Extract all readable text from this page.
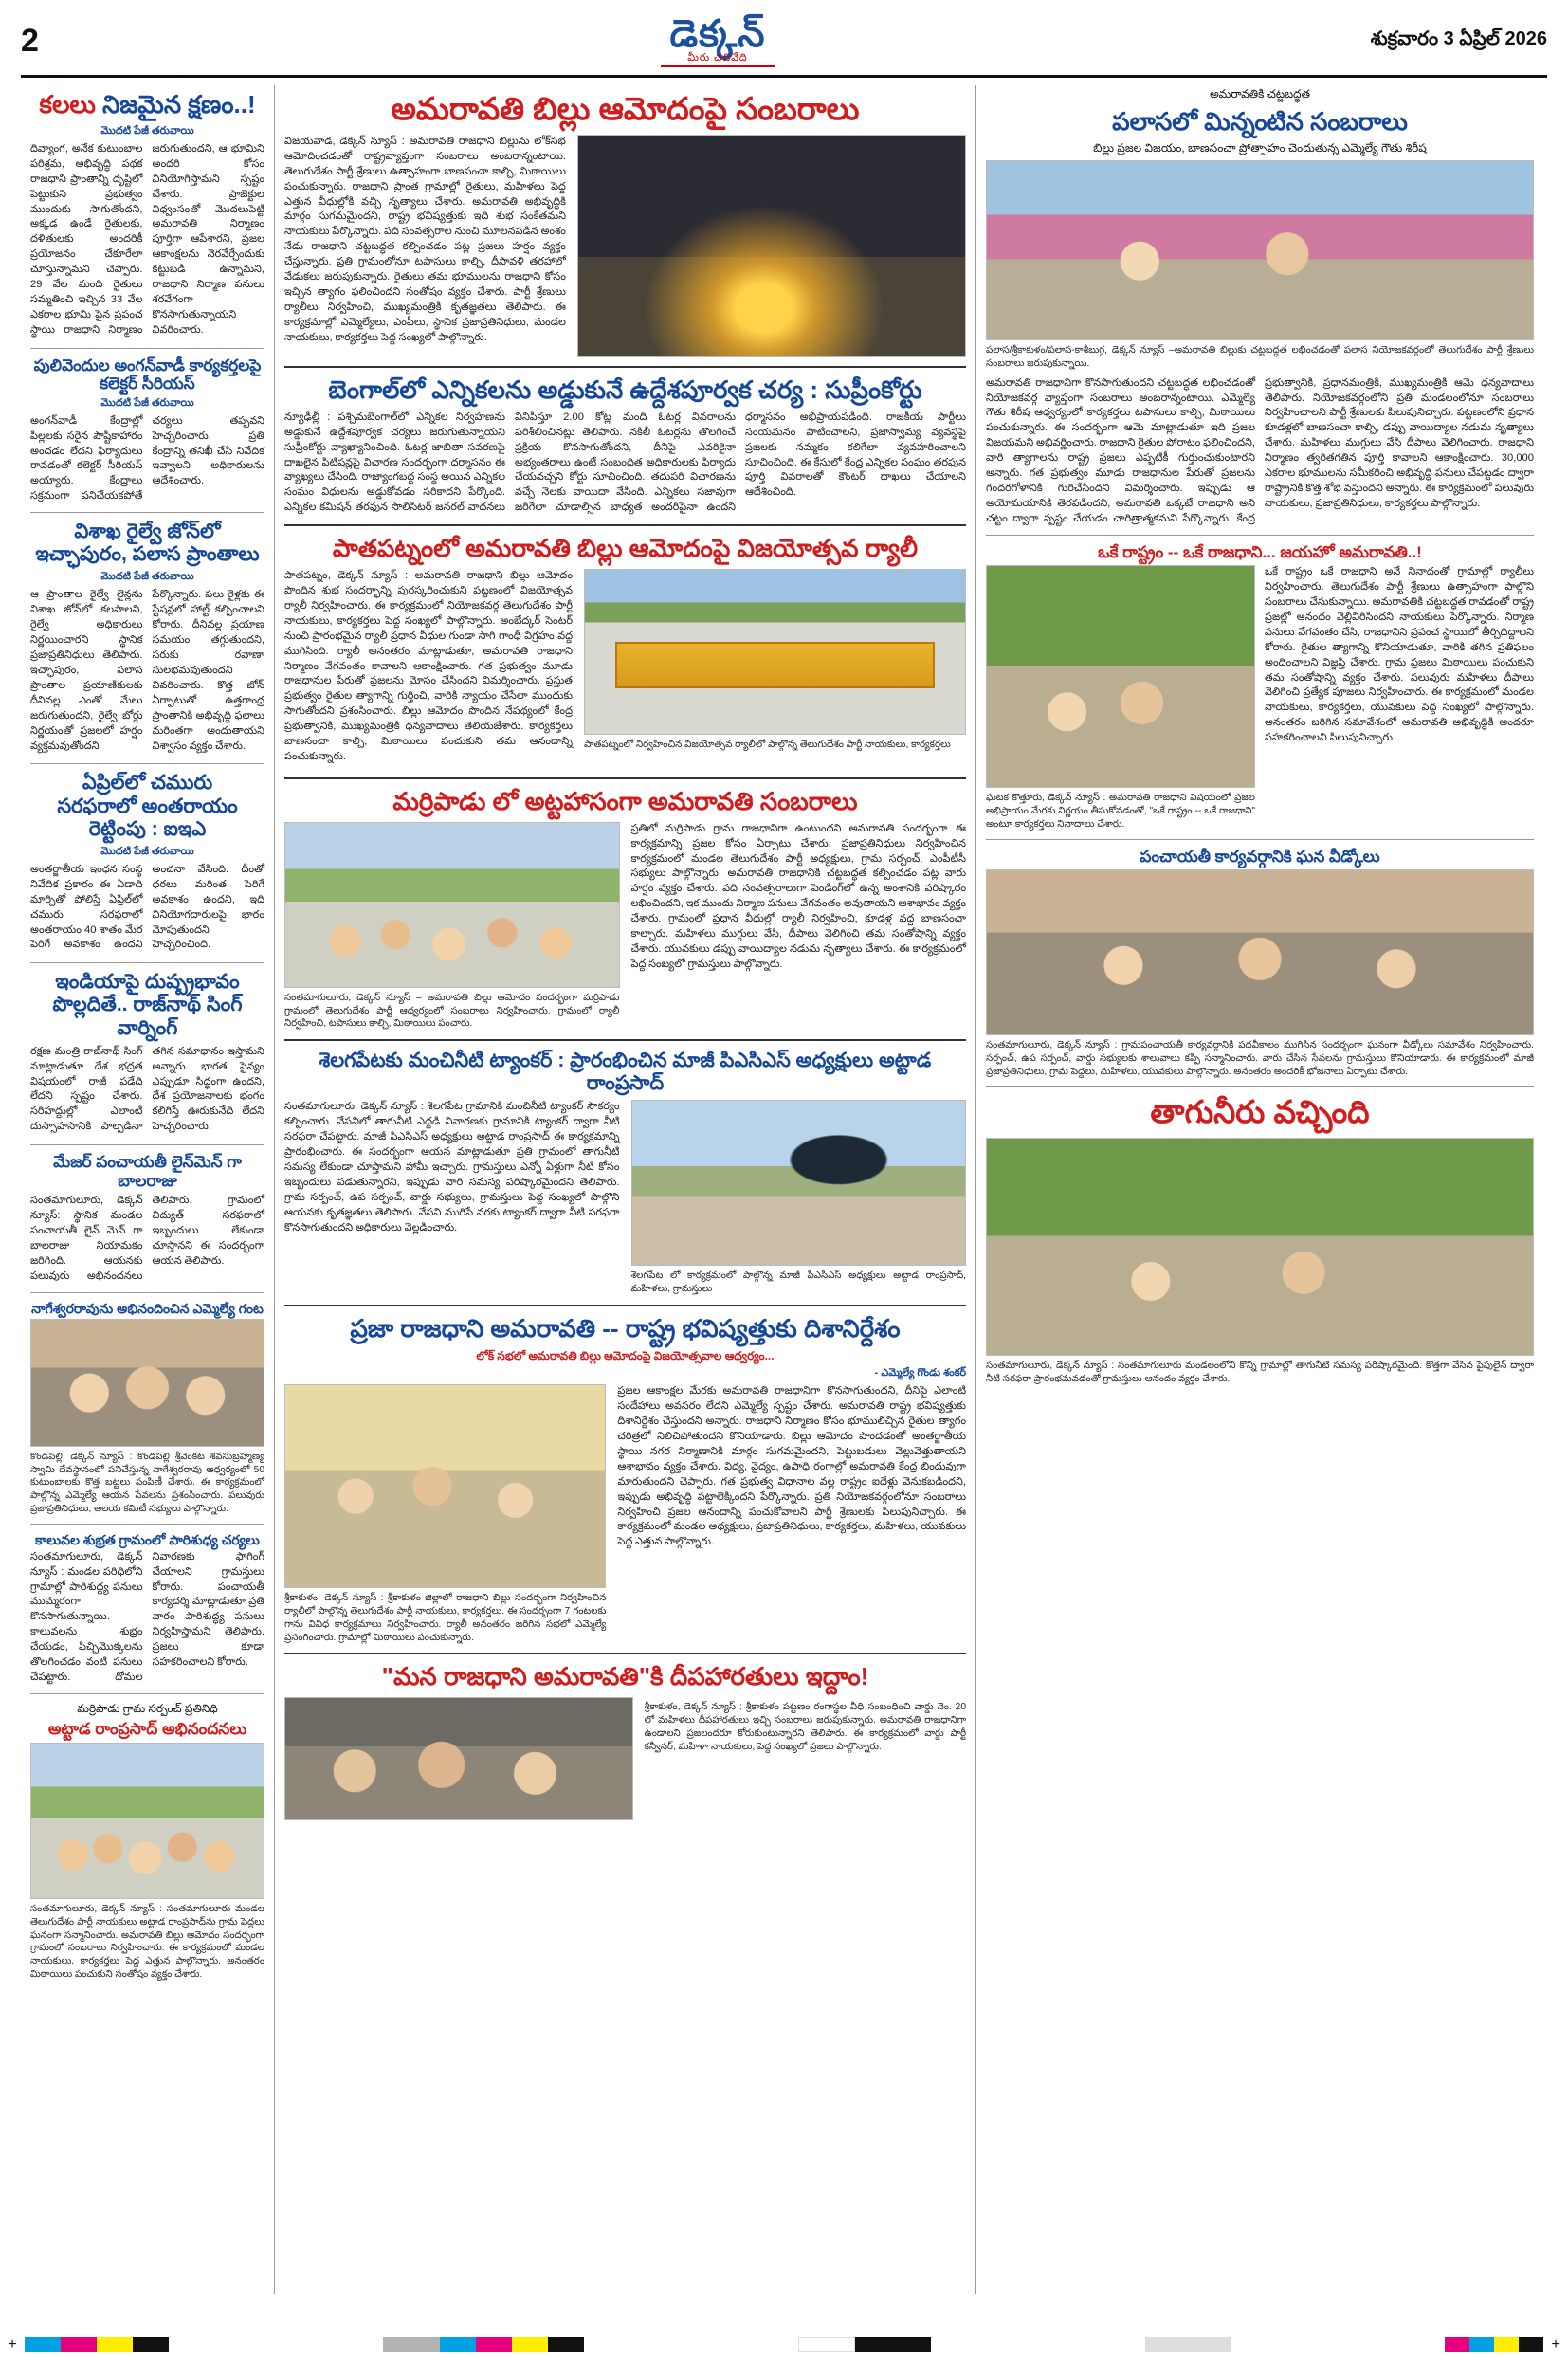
2	డెక్కన్
మీరు చదివేది
శుక్రవారం 3 ఏప్రిల్ 2026
కలలు నిజమైన క్షణం..!
మొదటి పేజీ తరువాయి

దివ్యాంగ, అనేక కుటుంబాల పరిశ్రమ, అభివృద్ధి పథక రాజధాని ప్రాంతాన్ని దృష్టిలో పెట్టుకుని ప్రభుత్వం ముందుకు సాగుతోందని, అక్కడ ఉండే రైతులకు, దళితులకు అందరికీ ప్రయోజనం చేకూరేలా చూస్తున్నామని చెప్పారు. 29 వేల మంది రైతులు సమ్మతించి ఇచ్చిన 33 వేల ఎకరాల భూమి పైన ప్రపంచ స్థాయి రాజధాని నిర్మాణం జరుగుతుందని, ఆ భూమిని అందరి కోసం వినియోగిస్తామని స్పష్టం చేశారు. ప్రాజెక్టుల విధ్వంసంతో మొదలుపెట్టి అమరావతి నిర్మాణం పూర్తిగా ఆపేశారని, ప్రజల ఆకాంక్షలను నెరవేర్చేందుకు కట్టుబడి ఉన్నామని, రాజధాని నిర్మాణ పనులు శరవేగంగా కొనసాగుతున్నాయని వివరించారు.

పులివెందుల అంగన్‌వాడీ కార్యకర్తలపై కలెక్టర్ సీరియస్
మొదటి పేజీ తరువాయి

అంగన్‌వాడీ కేంద్రాల్లో పిల్లలకు సరైన పౌష్టికాహారం అందడం లేదని ఫిర్యాదులు రావడంతో కలెక్టర్ సీరియస్ అయ్యారు. కేంద్రాలు సక్రమంగా పనిచేయకపోతే చర్యలు తప్పవని హెచ్చరించారు. ప్రతి కేంద్రాన్ని తనిఖీ చేసి నివేదిక ఇవ్వాలని అధికారులను ఆదేశించారు.

విశాఖ రైల్వే జోన్‌లో
ఇచ్ఛాపురం, పలాస ప్రాంతాలు
మొదటి పేజీ తరువాయి

ఆ ప్రాంతాల రైల్వే లైన్లను విశాఖ జోన్‌లో కలపాలని, రైల్వే అధికారులు నిర్ణయించారని స్థానిక ప్రజాప్రతినిధులు తెలిపారు. ఇచ్ఛాపురం, పలాస ప్రాంతాల ప్రయాణికులకు దీనివల్ల ఎంతో మేలు జరుగుతుందని, రైల్వే బోర్డు నిర్ణయంతో ప్రజలలో హర్షం వ్యక్తమవుతోందని పేర్కొన్నారు. పలు రైళ్లకు ఈ స్టేషన్లలో హాల్ట్ కల్పించాలని కోరారు. దీనివల్ల ప్రయాణ సమయం తగ్గుతుందని, సరుకు రవాణా సులభమవుతుందని వివరించారు. కొత్త జోన్ ఏర్పాటుతో ఉత్తరాంధ్ర ప్రాంతానికి అభివృద్ధి ఫలాలు మరింతగా అందుతాయని విశ్వాసం వ్యక్తం చేశారు.

ఏప్రిల్‌లో చమురు
సరఫరాలో అంతరాయం రెట్టింపు : ఐఇఎ
మొదటి పేజీ తరువాయి

అంతర్జాతీయ ఇంధన సంస్థ నివేదిక ప్రకారం ఈ ఏడాది మార్చితో పోలిస్తే ఏప్రిల్‌లో చమురు సరఫరాలో అంతరాయం 40 శాతం మేర పెరిగే అవకాశం ఉందని అంచనా వేసింది. దీంతో ధరలు మరింత పెరిగే అవకాశం ఉందని, ఇది వినియోగదారులపై భారం మోపుతుందని హెచ్చరించింది.

ఇండియాపై దుష్ప్రభావం
పొల్లదితే.. రాజ్‌నాథ్ సింగ్ వార్నింగ్

రక్షణ మంత్రి రాజ్‌నాథ్ సింగ్ మాట్లాడుతూ దేశ భద్రత విషయంలో రాజీ పడేది లేదని స్పష్టం చేశారు. సరిహద్దుల్లో ఎలాంటి దుస్సాహసానికి పాల్పడినా తగిన సమాధానం ఇస్తామని అన్నారు. భారత సైన్యం ఎప్పుడూ సిద్ధంగా ఉందని, దేశ ప్రయోజనాలకు భంగం కలిగిస్తే ఊరుకునేది లేదని హెచ్చరించారు.

మేజర్ పంచాయతీ లైన్‌మెన్ గా బాలరాజు

సంతమాగులూరు, డెక్కన్ న్యూస్: స్థానిక మండల పంచాయతీ లైన్ మెన్ గా బాలరాజు నియామకం జరిగింది. ఆయనకు పలువురు అభినందనలు తెలిపారు. గ్రామంలో విద్యుత్ సరఫరాలో ఇబ్బందులు లేకుండా చూస్తానని ఈ సందర్భంగా ఆయన తెలిపారు.

నాగేశ్వరరావును అభినందించిన ఎమ్మెల్యే గంట
కొండపల్లి, డెక్కన్ న్యూస్ : కొండపల్లి శ్రీవెంకట శివసుబ్రహ్మణ్య స్వామి దేవస్థానంలో పనిచేస్తున్న నాగేశ్వరరావు ఆధ్వర్యంలో 50 కుటుంబాలకు కొత్త బట్టలు పంపిణీ చేశారు. ఈ కార్యక్రమంలో పాల్గొన్న ఎమ్మెల్యే ఆయన సేవలను ప్రశంసించారు. పలువురు ప్రజాప్రతినిధులు, ఆలయ కమిటీ సభ్యులు పాల్గొన్నారు.
కాలువల శుభ్రత గ్రామంలో పారిశుధ్య చర్యలు

సంతమాగులూరు, డెక్కన్ న్యూస్ : మండల పరిధిలోని గ్రామాల్లో పారిశుద్ధ్య పనులు ముమ్మరంగా కొనసాగుతున్నాయి. కాలువలను శుభ్రం చేయడం, పిచ్చిమొక్కలను తొలగించడం వంటి పనులు చేపట్టారు. దోమల నివారణకు ఫాగింగ్ చేయాలని గ్రామస్తులు కోరారు. పంచాయతీ కార్యదర్శి మాట్లాడుతూ ప్రతి వారం పారిశుద్ధ్య పనులు నిర్వహిస్తామని తెలిపారు. ప్రజలు కూడా సహకరించాలని కోరారు.

మర్రిపాడు గ్రామ సర్పంచ్ ప్రతినిధి
అట్టాడ రాంప్రసాద్ అభినందనలు
సంతమాగులూరు, డెక్కన్ న్యూస్ : సంతమాగులూరు మండల తెలుగుదేశం పార్టీ నాయకులు అట్టాడ రాంప్రసాద్‌ను గ్రామ పెద్దలు ఘనంగా సన్మానించారు. అమరావతి బిల్లు ఆమోదం సందర్భంగా గ్రామంలో సంబరాలు నిర్వహించారు. ఈ కార్యక్రమంలో మండల నాయకులు, కార్యకర్తలు పెద్ద ఎత్తున పాల్గొన్నారు. అనంతరం మిఠాయిలు పంచుకుని సంతోషం వ్యక్తం చేశారు.
అమరావతి బిల్లు ఆమోదంపై సంబరాలు

విజయవాడ, డెక్కన్ న్యూస్ : అమరావతి రాజధాని బిల్లును లోక్‌సభ ఆమోదించడంతో రాష్ట్రవ్యాప్తంగా సంబరాలు అంబరాన్నంటాయి. తెలుగుదేశం పార్టీ శ్రేణులు ఉత్సాహంగా బాణసంచా కాల్చి, మిఠాయిలు పంచుకున్నారు. రాజధాని ప్రాంత గ్రామాల్లో రైతులు, మహిళలు పెద్ద ఎత్తున వీధుల్లోకి వచ్చి నృత్యాలు చేశారు. అమరావతి అభివృద్ధికి మార్గం సుగమమైందని, రాష్ట్ర భవిష్యత్తుకు ఇది శుభ సంకేతమని నాయకులు పేర్కొన్నారు. పది సంవత్సరాల నుంచి మూలనపడిన అంశం నేడు రాజధాని చట్టబద్ధత కల్పించడం పట్ల ప్రజలు హర్షం వ్యక్తం చేస్తున్నారు. ప్రతి గ్రామంలోనూ టపాసులు కాల్చి, దీపావళి తరహాలో వేడుకలు జరుపుకున్నారు. రైతులు తమ భూములను రాజధాని కోసం ఇచ్చిన త్యాగం ఫలించిందని సంతోషం వ్యక్తం చేశారు. పార్టీ శ్రేణులు ర్యాలీలు నిర్వహించి, ముఖ్యమంత్రికి కృతజ్ఞతలు తెలిపారు. ఈ కార్యక్రమాల్లో ఎమ్మెల్యేలు, ఎంపీలు, స్థానిక ప్రజాప్రతినిధులు, మండల నాయకులు, కార్యకర్తలు పెద్ద సంఖ్యలో పాల్గొన్నారు.

బెంగాల్‌లో ఎన్నికలను అడ్డుకునే ఉద్దేశపూర్వక చర్య : సుప్రీంకోర్టు

న్యూఢిల్లీ : పశ్చిమబెంగాల్‌లో ఎన్నికల నిర్వహణను అడ్డుకునే ఉద్దేశపూర్వక చర్యలు జరుగుతున్నాయని సుప్రీంకోర్టు వ్యాఖ్యానించింది. ఓటర్ల జాబితా సవరణపై దాఖలైన పిటిషన్లపై విచారణ సందర్భంగా ధర్మాసనం ఈ వ్యాఖ్యలు చేసింది. రాజ్యాంగబద్ధ సంస్థ అయిన ఎన్నికల సంఘం విధులను అడ్డుకోవడం సరికాదని పేర్కొంది. ఎన్నికల కమిషన్ తరఫున సొలిసిటర్ జనరల్ వాదనలు వినిపిస్తూ 2.00 కోట్ల మంది ఓటర్ల వివరాలను పరిశీలించినట్లు తెలిపారు. నకిలీ ఓటర్లను తొలగించే ప్రక్రియ కొనసాగుతోందని, దీనిపై ఎవరికైనా అభ్యంతరాలు ఉంటే సంబంధిత అధికారులకు ఫిర్యాదు చేయవచ్చని కోర్టు సూచించింది. తదుపరి విచారణను వచ్చే నెలకు వాయిదా వేసింది. ఎన్నికలు సజావుగా జరిగేలా చూడాల్సిన బాధ్యత అందరిపైనా ఉందని ధర్మాసనం అభిప్రాయపడింది. రాజకీయ పార్టీలు సంయమనం పాటించాలని, ప్రజాస్వామ్య వ్యవస్థపై ప్రజలకు నమ్మకం కలిగేలా వ్యవహరించాలని సూచించింది. ఈ కేసులో కేంద్ర ఎన్నికల సంఘం తరఫున పూర్తి వివరాలతో కౌంటర్ దాఖలు చేయాలని ఆదేశించింది.

పాతపట్నంలో అమరావతి బిల్లు ఆమోదంపై విజయోత్సవ ర్యాలీ

పాతపట్నం, డెక్కన్ న్యూస్ : అమరావతి రాజధాని బిల్లు ఆమోదం పొందిన శుభ సందర్భాన్ని పురస్కరించుకుని పట్టణంలో విజయోత్సవ ర్యాలీ నిర్వహించారు. ఈ కార్యక్రమంలో నియోజకవర్గ తెలుగుదేశం పార్టీ నాయకులు, కార్యకర్తలు పెద్ద సంఖ్యలో పాల్గొన్నారు. అంబేద్కర్ సెంటర్ నుంచి ప్రారంభమైన ర్యాలీ ప్రధాన వీధుల గుండా సాగి గాంధీ విగ్రహం వద్ద ముగిసింది. ర్యాలీ అనంతరం మాట్లాడుతూ, అమరావతి రాజధాని నిర్మాణం వేగవంతం కావాలని ఆకాంక్షించారు. గత ప్రభుత్వం మూడు రాజధానుల పేరుతో ప్రజలను మోసం చేసిందని విమర్శించారు. ప్రస్తుత ప్రభుత్వం రైతుల త్యాగాన్ని గుర్తించి, వారికి న్యాయం చేసేలా ముందుకు సాగుతోందని ప్రశంసించారు. బిల్లు ఆమోదం పొందిన నేపథ్యంలో కేంద్ర ప్రభుత్వానికి, ముఖ్యమంత్రికి ధన్యవాదాలు తెలియజేశారు. కార్యకర్తలు బాణసంచా కాల్చి, మిఠాయిలు పంచుకుని తమ ఆనందాన్ని పంచుకున్నారు.

పాతపట్నంలో నిర్వహించిన విజయోత్సవ ర్యాలీలో పాల్గొన్న తెలుగుదేశం పార్టీ నాయకులు, కార్యకర్తలు
మర్రిపాడు లో అట్టహాసంగా అమరావతి సంబరాలు
సంతమాగులూరు, డెక్కన్ న్యూస్ – అమరావతి బిల్లు ఆమోదం సందర్భంగా మర్రిపాడు గ్రామంలో తెలుగుదేశం పార్టీ ఆధ్వర్యంలో సంబరాలు నిర్వహించారు. గ్రామంలో ర్యాలీ నిర్వహించి, టపాసులు కాల్చి, మిఠాయిలు పంచారు.

ప్రతిలో మర్రిపాడు గ్రామ రాజధానిగా ఉంటుందని అమరావతి సందర్భంగా ఈ కార్యక్రమాన్ని ప్రజల కోసం ఏర్పాటు చేశారు. ప్రజాప్రతినిధులు నిర్వహించిన కార్యక్రమంలో మండల తెలుగుదేశం పార్టీ అధ్యక్షులు, గ్రామ సర్పంచ్, ఎంపీటీసీ సభ్యులు పాల్గొన్నారు. అమరావతి రాజధానికి చట్టబద్ధత కల్పించడం పట్ల వారు హర్షం వ్యక్తం చేశారు. పది సంవత్సరాలుగా పెండింగ్‌లో ఉన్న అంశానికి పరిష్కారం లభించిందని, ఇక ముందు నిర్మాణ పనులు వేగవంతం అవుతాయని ఆశాభావం వ్యక్తం చేశారు. గ్రామంలో ప్రధాన వీధుల్లో ర్యాలీ నిర్వహించి, కూడళ్ల వద్ద బాణసంచా కాల్చారు. మహిళలు ముగ్గులు వేసి, దీపాలు వెలిగించి తమ సంతోషాన్ని వ్యక్తం చేశారు. యువకులు డప్పు వాయిద్యాల నడుమ నృత్యాలు చేశారు. ఈ కార్యక్రమంలో పెద్ద సంఖ్యలో గ్రామస్తులు పాల్గొన్నారు.

శెలగపేటకు మంచినీటి ట్యాంకర్ : ప్రారంభించిన మాజీ పిఎసిఎస్ అధ్యక్షులు అట్టాడ రాంప్రసాద్

సంతమాగులూరు, డెక్కన్ న్యూస్ : శెలగపేట గ్రామానికి మంచినీటి ట్యాంకర్ సౌకర్యం కల్పించారు. వేసవిలో తాగునీటి ఎద్దడి నివారణకు గ్రామానికి ట్యాంకర్ ద్వారా నీటి సరఫరా చేపట్టారు. మాజీ పిఎసిఎస్ అధ్యక్షులు అట్టాడ రాంప్రసాద్ ఈ కార్యక్రమాన్ని ప్రారంభించారు. ఈ సందర్భంగా ఆయన మాట్లాడుతూ ప్రతి గ్రామంలో తాగునీటి సమస్య లేకుండా చూస్తామని హామీ ఇచ్చారు. గ్రామస్తులు ఎన్నో ఏళ్లుగా నీటి కోసం ఇబ్బందులు పడుతున్నారని, ఇప్పుడు వారి సమస్య పరిష్కారమైందని తెలిపారు. గ్రామ సర్పంచ్, ఉప సర్పంచ్, వార్డు సభ్యులు, గ్రామస్తులు పెద్ద సంఖ్యలో పాల్గొని ఆయనకు కృతజ్ఞతలు తెలిపారు. వేసవి ముగిసే వరకు ట్యాంకర్ ద్వారా నీటి సరఫరా కొనసాగుతుందని అధికారులు వెల్లడించారు.

శెలగపేట లో కార్యక్రమంలో పాల్గొన్న మాజీ పిఎసిఎస్ అధ్యక్షులు అట్టాడ రాంప్రసాద్, మహిళలు, గ్రామస్తులు
ప్రజా రాజధాని అమరావతి -- రాష్ట్ర భవిష్యత్తుకు దిశానిర్దేశం
లోక్ సభలో అమరావతి బిల్లు ఆమోదంపై విజయోత్సవాల ఆధ్వర్యం...
- ఎమ్మెల్యే గొండు శంకర్
శ్రీకాకుళం, డెక్కన్ న్యూస్ : శ్రీకాకుళం జిల్లాలో రాజధాని బిల్లు సందర్భంగా నిర్వహించిన ర్యాలీలో పాల్గొన్న తెలుగుదేశం పార్టీ నాయకులు, కార్యకర్తలు. ఈ సందర్భంగా 7 గంటలకు గాను వివిధ కార్యక్రమాలు నిర్వహించారు. ర్యాలీ అనంతరం జరిగిన సభలో ఎమ్మెల్యే ప్రసంగించారు. గ్రామాల్లో మిఠాయిలు పంచుకున్నారు.

ప్రజల ఆకాంక్షల మేరకు అమరావతి రాజధానిగా కొనసాగుతుందని, దీనిపై ఎలాంటి సందేహాలు అవసరం లేదని ఎమ్మెల్యే స్పష్టం చేశారు. అమరావతి రాష్ట్ర భవిష్యత్తుకు దిశానిర్దేశం చేస్తుందని అన్నారు. రాజధాని నిర్మాణం కోసం భూములిచ్చిన రైతుల త్యాగం చరిత్రలో నిలిచిపోతుందని కొనియాడారు. బిల్లు ఆమోదం పొందడంతో అంతర్జాతీయ స్థాయి నగర నిర్మాణానికి మార్గం సుగమమైందని, పెట్టుబడులు వెల్లువెత్తుతాయని ఆశాభావం వ్యక్తం చేశారు. విద్య, వైద్యం, ఉపాధి రంగాల్లో అమరావతి కేంద్ర బిందువుగా మారుతుందని చెప్పారు. గత ప్రభుత్వ విధానాల వల్ల రాష్ట్రం ఐదేళ్లు వెనుకబడిందని, ఇప్పుడు అభివృద్ధి పట్టాలెక్కిందని పేర్కొన్నారు. ప్రతి నియోజకవర్గంలోనూ సంబరాలు నిర్వహించి ప్రజల ఆనందాన్ని పంచుకోవాలని పార్టీ శ్రేణులకు పిలుపునిచ్చారు. ఈ కార్యక్రమంలో మండల అధ్యక్షులు, ప్రజాప్రతినిధులు, కార్యకర్తలు, మహిళలు, యువకులు పెద్ద ఎత్తున పాల్గొన్నారు.

"మన రాజధాని అమరావతి"కి దీపహారతులు ఇద్దాం!
శ్రీకాకుళం, డెక్కన్ న్యూస్ : శ్రీకాకుళం పట్టణం రంగాస్థల వీధి సంబంధించి వార్డు నెం. 20 లో మహిళలు దీపహారతులు ఇచ్చి సంబరాలు జరుపుకున్నారు. అమరావతి రాజధానిగా ఉండాలని ప్రజలందరూ కోరుకుంటున్నారని తెలిపారు. ఈ కార్యక్రమంలో వార్డు పార్టీ కన్వీనర్, మహిళా నాయకులు, పెద్ద సంఖ్యలో ప్రజలు పాల్గొన్నారు.
అమరావతికి చట్టబద్ధత
పలాసలో మిన్నంటిన సంబరాలు
బిల్లు ప్రజల విజయం, బాణసంచా ప్రోత్సాహం చెందుతున్న ఎమ్మెల్యే గౌతు శిరీష
పలాస/శ్రీకాకుళం/పలాస-కాశీబుగ్గ, డెక్కన్ న్యూస్ –అమరావతి బిల్లుకు చట్టబద్ధత లభించడంతో పలాస నియోజకవర్గంలో తెలుగుదేశం పార్టీ శ్రేణులు సంబరాలు జరుపుకున్నాయి.

అమరావతి రాజధానిగా కొనసాగుతుందని చట్టబద్ధత లభించడంతో నియోజకవర్గ వ్యాప్తంగా సంబరాలు అంబరాన్నంటాయి. ఎమ్మెల్యే గౌతు శిరీష ఆధ్వర్యంలో కార్యకర్తలు టపాసులు కాల్చి, మిఠాయిలు పంచుకున్నారు. ఈ సందర్భంగా ఆమె మాట్లాడుతూ ఇది ప్రజల విజయమని అభివర్ణించారు. రాజధాని రైతుల పోరాటం ఫలించిందని, వారి త్యాగాలను రాష్ట్ర ప్రజలు ఎప్పటికీ గుర్తుంచుకుంటారని అన్నారు. గత ప్రభుత్వం మూడు రాజధానుల పేరుతో ప్రజలను గందరగోళానికి గురిచేసిందని విమర్శించారు. ఇప్పుడు ఆ అయోమయానికి తెరపడిందని, అమరావతి ఒక్కటే రాజధాని అని చట్టం ద్వారా స్పష్టం చేయడం చారిత్రాత్మకమని పేర్కొన్నారు. కేంద్ర ప్రభుత్వానికి, ప్రధానమంత్రికి, ముఖ్యమంత్రికి ఆమె ధన్యవాదాలు తెలిపారు. నియోజకవర్గంలోని ప్రతి మండలంలోనూ సంబరాలు నిర్వహించాలని పార్టీ శ్రేణులకు పిలుపునిచ్చారు. పట్టణంలోని ప్రధాన కూడళ్లలో బాణసంచా కాల్చి, డప్పు వాయిద్యాల నడుమ నృత్యాలు చేశారు. మహిళలు ముగ్గులు వేసి దీపాలు వెలిగించారు. రాజధాని నిర్మాణం త్వరితగతిన పూర్తి కావాలని ఆకాంక్షించారు. 30,000 ఎకరాల భూములను సమీకరించి అభివృద్ధి పనులు చేపట్టడం ద్వారా రాష్ట్రానికి కొత్త శోభ వస్తుందని అన్నారు. ఈ కార్యక్రమంలో పలువురు నాయకులు, ప్రజాప్రతినిధులు, కార్యకర్తలు పాల్గొన్నారు.

ఒకే రాష్ట్రం -- ఒకే రాజధాని... జయహో అమరావతి..!
ఘటక కొత్తూరు, డెక్కన్ న్యూస్ : అమరావతి రాజధాని విషయంలో ప్రజల అభిప్రాయం మేరకు నిర్ణయం తీసుకోవడంతో, "ఒకే రాష్ట్రం -- ఒకే రాజధాని" అంటూ కార్యకర్తలు నినాదాలు చేశారు.

ఒకే రాష్ట్రం ఒకే రాజధాని అనే నినాదంతో గ్రామాల్లో ర్యాలీలు నిర్వహించారు. తెలుగుదేశం పార్టీ శ్రేణులు ఉత్సాహంగా పాల్గొని సంబరాలు చేసుకున్నాయి. అమరావతికి చట్టబద్ధత రావడంతో రాష్ట్ర ప్రజల్లో ఆనందం వెల్లివిరిసిందని నాయకులు పేర్కొన్నారు. నిర్మాణ పనులు వేగవంతం చేసి, రాజధానిని ప్రపంచ స్థాయిలో తీర్చిదిద్దాలని కోరారు. రైతుల త్యాగాన్ని కొనియాడుతూ, వారికి తగిన ప్రతిఫలం అందించాలని విజ్ఞప్తి చేశారు. గ్రామ ప్రజలు మిఠాయిలు పంచుకుని తమ సంతోషాన్ని వ్యక్తం చేశారు. పలువురు మహిళలు దీపాలు వెలిగించి ప్రత్యేక పూజలు నిర్వహించారు. ఈ కార్యక్రమంలో మండల నాయకులు, కార్యకర్తలు, యువకులు పెద్ద సంఖ్యలో పాల్గొన్నారు. అనంతరం జరిగిన సమావేశంలో అమరావతి అభివృద్ధికి అందరూ సహకరించాలని పిలుపునిచ్చారు.

పంచాయతీ కార్యవర్గానికి ఘన వీడ్కోలు
సంతమాగులూరు, డెక్కన్ న్యూస్ : గ్రామపంచాయతీ కార్యవర్గానికి పదవీకాలం ముగిసిన సందర్భంగా ఘనంగా వీడ్కోలు సమావేశం నిర్వహించారు. సర్పంచ్, ఉప సర్పంచ్, వార్డు సభ్యులకు శాలువాలు కప్పి సన్మానించారు. వారు చేసిన సేవలను గ్రామస్తులు కొనియాడారు. ఈ కార్యక్రమంలో మాజీ ప్రజాప్రతినిధులు, గ్రామ పెద్దలు, మహిళలు, యువకులు పాల్గొన్నారు. అనంతరం అందరికీ భోజనాలు ఏర్పాటు చేశారు.
తాగునీరు వచ్చింది
సంతమాగులూరు, డెక్కన్ న్యూస్ : సంతమాగులూరు మండలంలోని కొన్ని గ్రామాల్లో తాగునీటి సమస్య పరిష్కారమైంది. కొత్తగా వేసిన పైపులైన్ ద్వారా నీటి సరఫరా ప్రారంభమవడంతో గ్రామస్తులు ఆనందం వ్యక్తం చేశారు.
+	+
